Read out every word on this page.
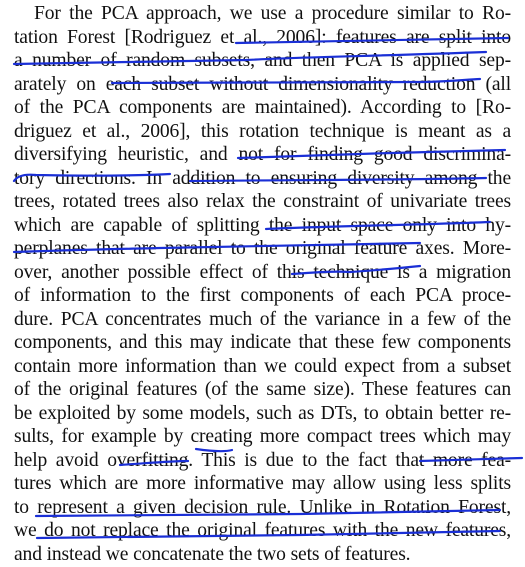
For the PCA approach, we use a procedure similar to Ro-
tation Forest [Rodriguez et al., 2006]: features are split into
a number of random subsets, and then PCA is applied sep-
arately on each subset without dimensionality reduction (all
of the PCA components are maintained). According to [Ro-
driguez et al., 2006], this rotation technique is meant as a
diversifying heuristic, and not for finding good discrimina-
tory directions. In addition to ensuring diversity among the
trees, rotated trees also relax the constraint of univariate trees
which are capable of splitting the input space only into hy-
perplanes that are parallel to the original feature axes. More-
over, another possible effect of this technique is a migration
of information to the first components of each PCA proce-
dure. PCA concentrates much of the variance in a few of the
components, and this may indicate that these few components
contain more information than we could expect from a subset
of the original features (of the same size). These features can
be exploited by some models, such as DTs, to obtain better re-
sults, for example by creating more compact trees which may
help avoid overfitting. This is due to the fact that more fea-
tures which are more informative may allow using less splits
to represent a given decision rule. Unlike in Rotation Forest,
we do not replace the original features with the new features,
and instead we concatenate the two sets of features.
